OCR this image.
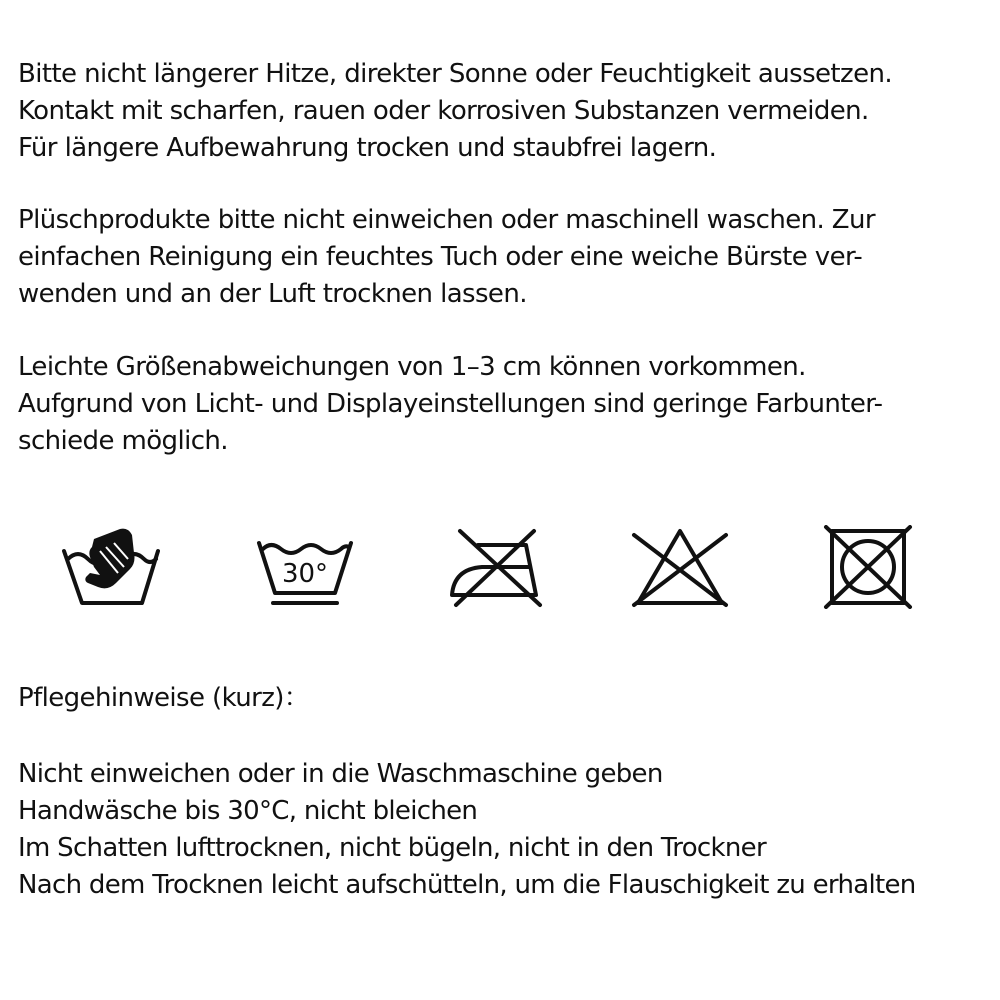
Bitte nicht längerer Hitze, direkter Sonne oder Feuchtigkeit aussetzen.
Kontakt mit scharfen, rauen oder korrosiven Substanzen vermeiden.
Für längere Aufbewahrung trocken und staubfrei lagern.

Plüschprodukte bitte nicht einweichen oder maschinell waschen. Zur
einfachen Reinigung ein feuchtes Tuch oder eine weiche Bürste ver-
wenden und an der Luft trocknen lassen.

Leichte Größenabweichungen von 1–3 cm können vorkommen.
Aufgrund von Licht- und Displayeinstellungen sind geringe Farbunter-
schiede möglich.

30°

Pflegehinweise (kurz)：

Nicht einweichen oder in die Waschmaschine geben
Handwäsche bis 30°C, nicht bleichen
Im Schatten lufttrocknen, nicht bügeln, nicht in den Trockner
Nach dem Trocknen leicht aufschütteln, um die Flauschigkeit zu erhalten
